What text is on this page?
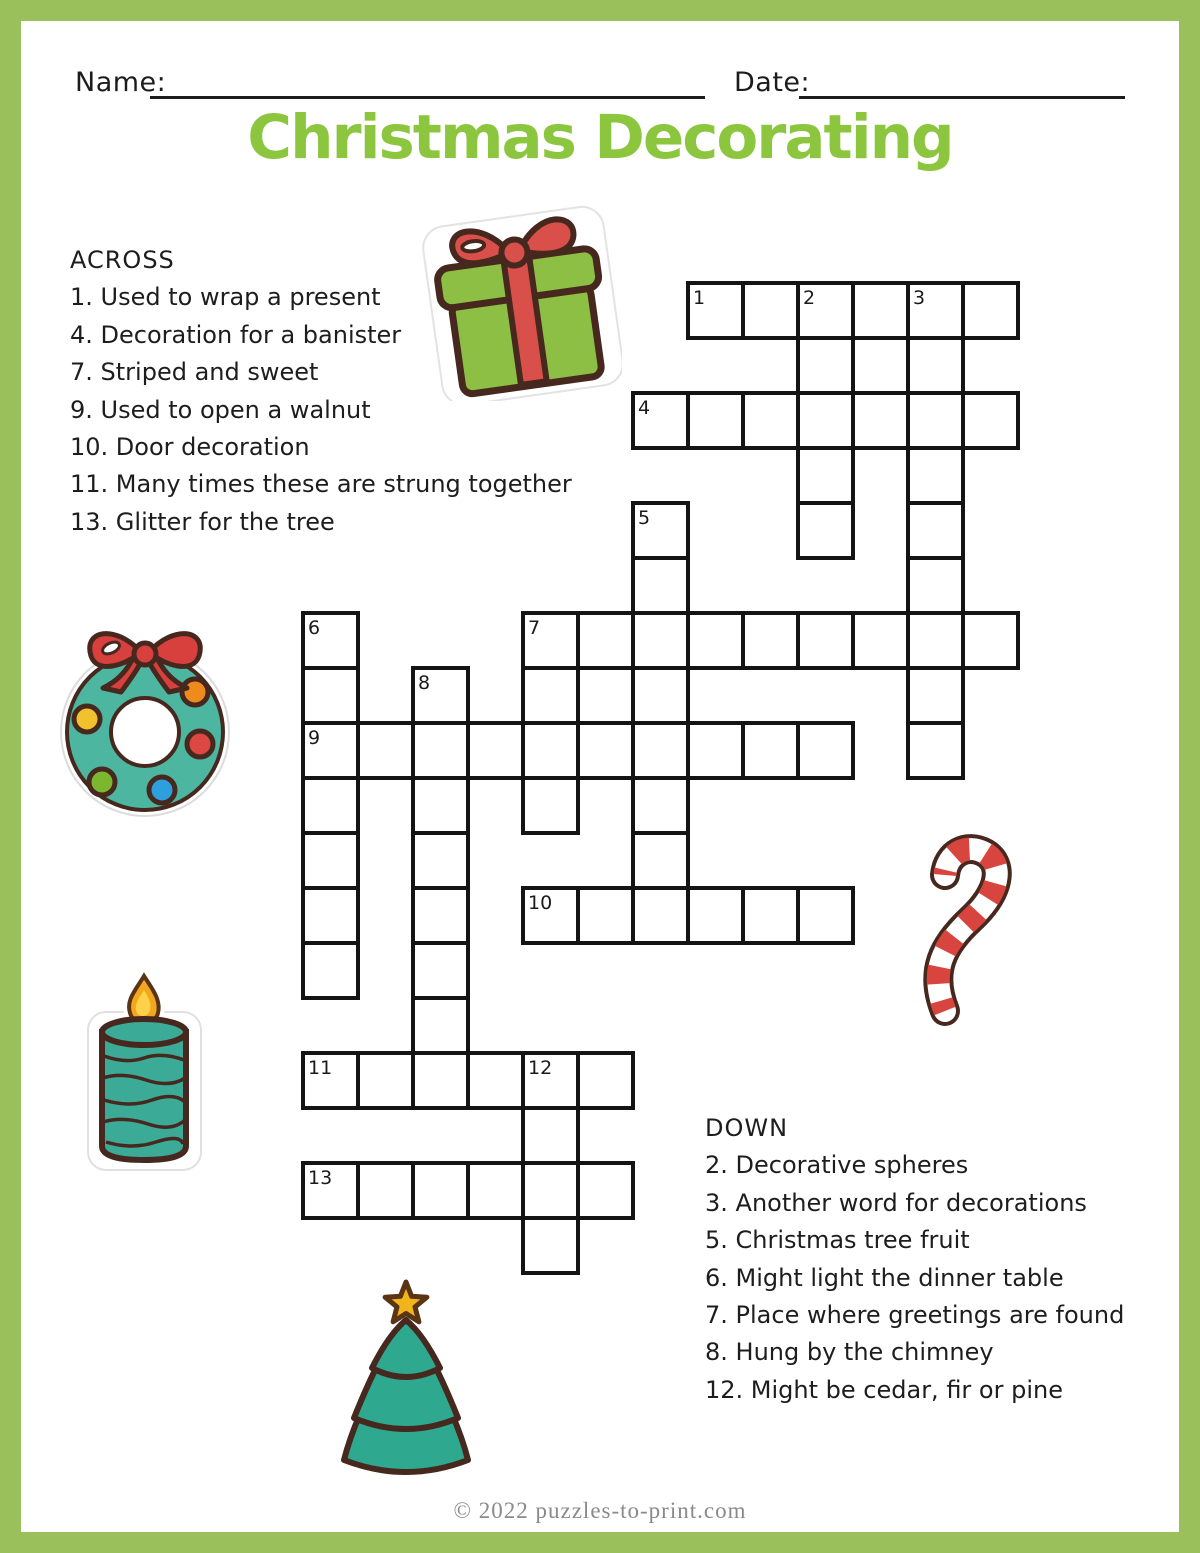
Name:	Date:
Christmas Decorating
ACROSS
1. Used to wrap a present
4. Decoration for a banister
7. Striped and sweet
9. Used to open a walnut
10. Door decoration
11. Many times these are strung together
13. Glitter for the tree
DOWN
2. Decorative spheres
3. Another word for decorations
5. Christmas tree fruit
6. Might light the dinner table
7. Place where greetings are found
8. Hung by the chimney
12. Might be cedar, fir or pine
1	2	3
4
5
6	7
8
9
10
11	12
13
© 2022 puzzles-to-print.com
